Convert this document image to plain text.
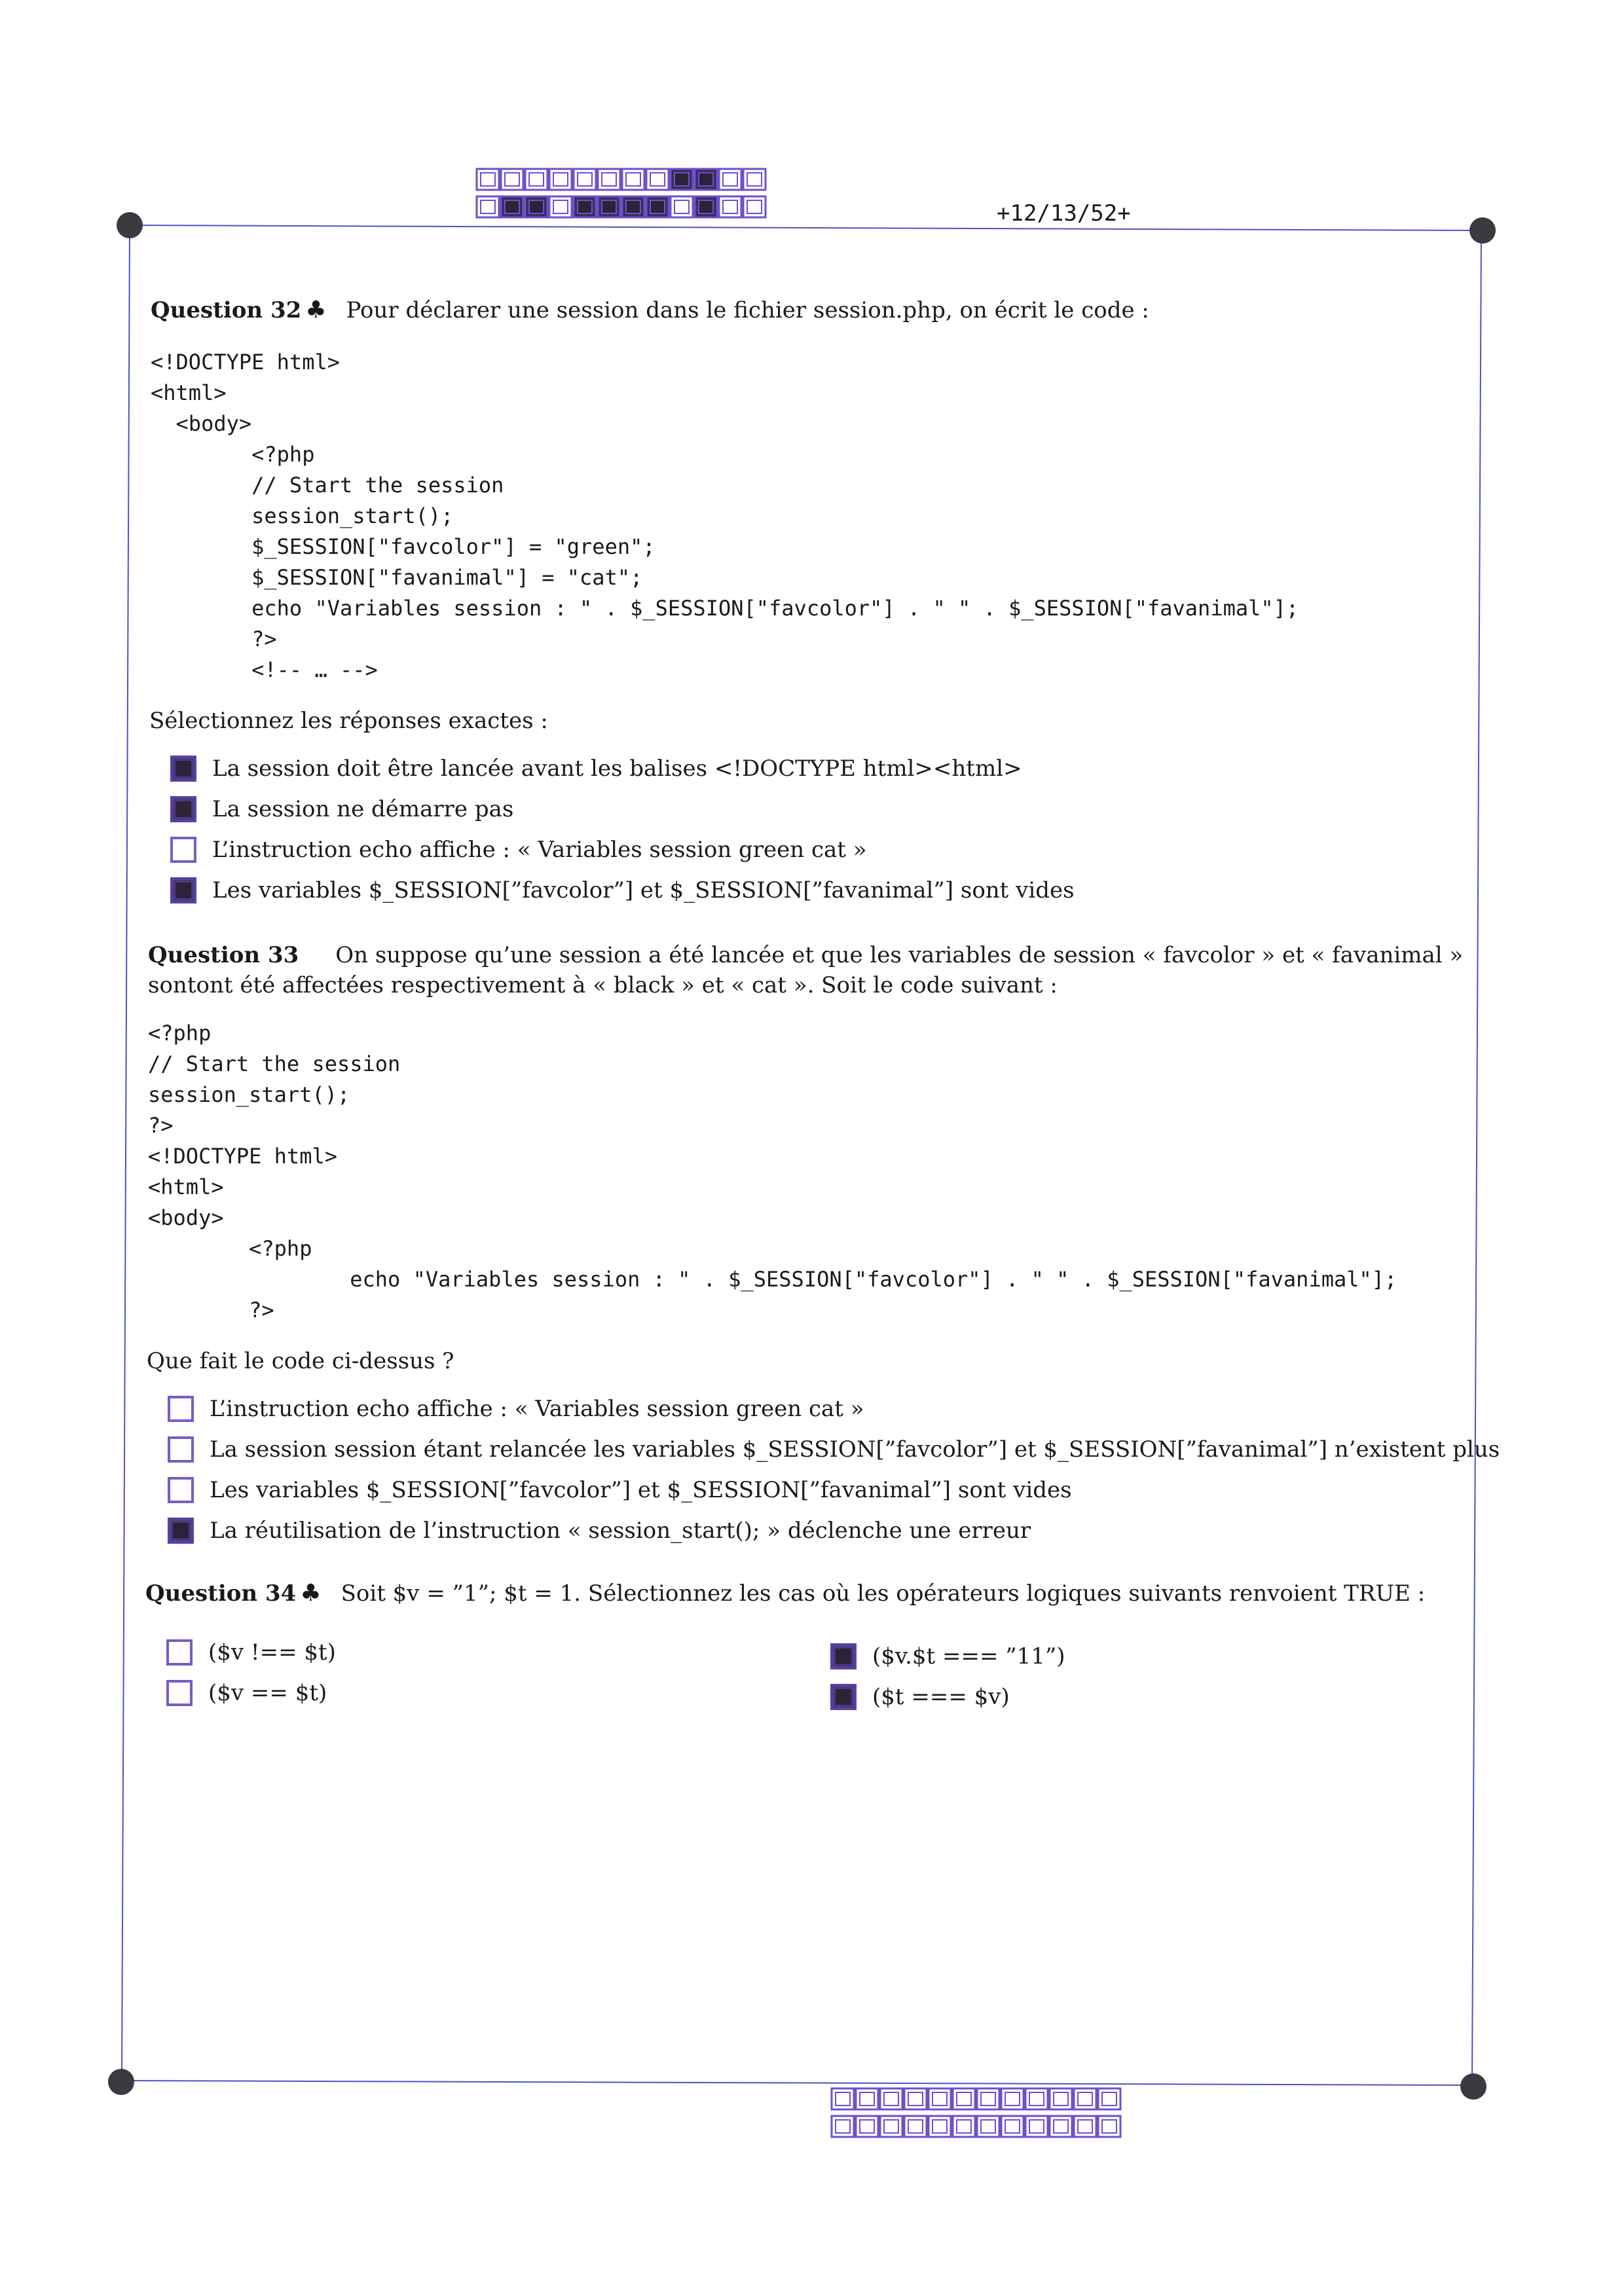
+12/13/52+
Question 32 ♣ Pour déclarer une session dans le fichier session.php, on écrit le code :
<!DOCTYPE html>
<html>
<body>
<?php
// Start the session
session_start();
$_SESSION["favcolor"] = "green";
$_SESSION["favanimal"] = "cat";
echo "Variables session : " . $_SESSION["favcolor"] . " " . $_SESSION["favanimal"];
?>
<!-- … -->
Sélectionnez les réponses exactes :
La session doit être lancée avant les balises <!DOCTYPE html><html>
La session ne démarre pas
L’instruction echo affiche : « Variables session green cat »
Les variables $_SESSION[”favcolor”] et $_SESSION[”favanimal”] sont vides
Question 33 On suppose qu’une session a été lancée et que les variables de session « favcolor » et « favanimal » sontont été affectées respectivement à « black » et « cat ». Soit le code suivant :
<?php
// Start the session
session_start();
?>
<!DOCTYPE html>
<html>
<body>
<?php
echo "Variables session : " . $_SESSION["favcolor"] . " " . $_SESSION["favanimal"];
?>
Que fait le code ci-dessus ?
L’instruction echo affiche : « Variables session green cat »
La session session étant relancée les variables $_SESSION[”favcolor”] et $_SESSION[”favanimal”] n’existent plus
Les variables $_SESSION[”favcolor”] et $_SESSION[”favanimal”] sont vides
La réutilisation de l’instruction « session_start(); » déclenche une erreur
Question 34 ♣ Soit $v = ”1”; $t = 1. Sélectionnez les cas où les opérateurs logiques suivants renvoient TRUE :
($v !== $t)
($v == $t)
($v.$t === ”11”)
($t === $v)
